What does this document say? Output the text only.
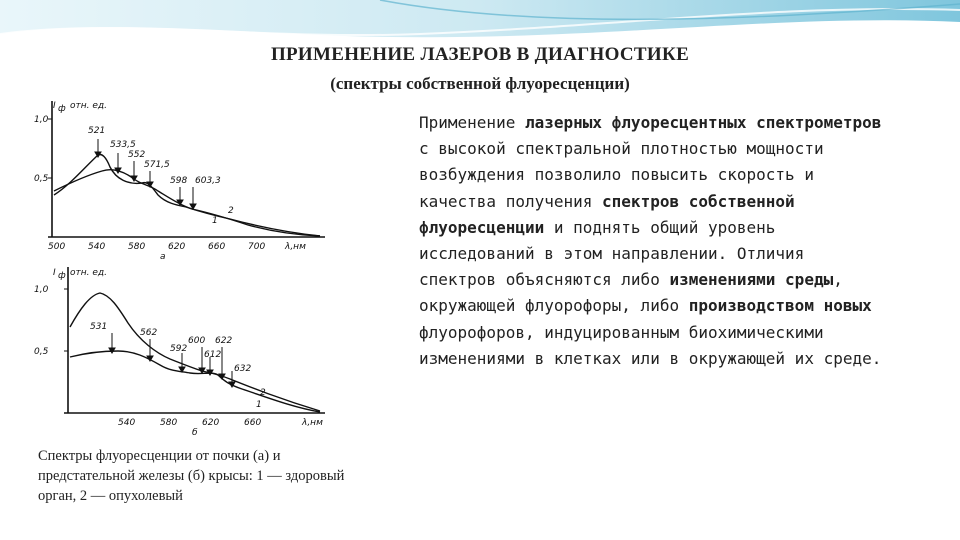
ПРИМЕНЕНИЕ ЛАЗЕРОВ В ДИАГНОСТИКЕ
(спектры собственной флуоресценции)
I ф отн. ед.
1,0
0,5
521
533,5
552
571,5
598 603,3
2
1
500	540	580	620	660	700 λ,нм
а
I ф отн. ед.
1,0
0,5
531
562
592
600
612
622
632
2
1
540	580	620	660	λ,нм
б
Спектры флуоресценции от почки (а) и предстательной железы (б) крысы: 1 — здоровый орган, 2 — опухолевый
Применение лазерных флуоресцентных спектрометров с высокой спектральной плотностью мощности возбуждения позволило повысить скорость и качества получения спектров собственной флуоресценции и поднять общий уровень исследований в этом направлении. Отличия спектров объясняются либо изменениями среды, окружающей флуорофоры, либо производством новых флуорофоров, индуцированным биохимическими изменениями в клетках или в окружающей их среде.
